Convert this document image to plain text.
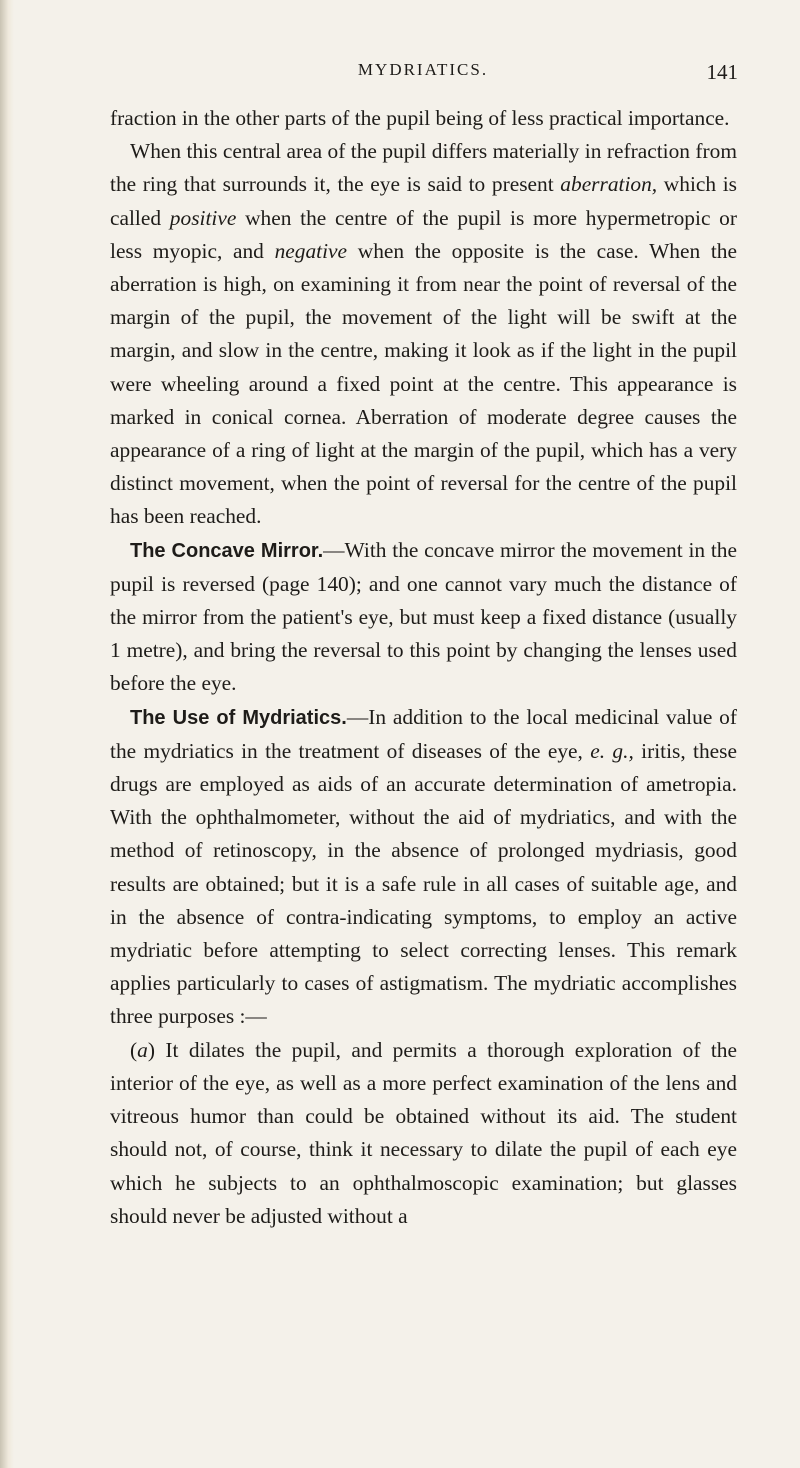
MYDRIATICS.	141

fraction in the other parts of the pupil being of less practical importance.

When this central area of the pupil differs materially in refraction from the ring that surrounds it, the eye is said to present aberration, which is called positive when the centre of the pupil is more hypermetropic or less myopic, and negative when the opposite is the case. When the aberration is high, on examining it from near the point of reversal of the margin of the pupil, the movement of the light will be swift at the margin, and slow in the centre, making it look as if the light in the pupil were wheeling around a fixed point at the centre. This appearance is marked in conical cornea. Aberration of moderate degree causes the appearance of a ring of light at the margin of the pupil, which has a very distinct movement, when the point of reversal for the centre of the pupil has been reached.

The Concave Mirror.—With the concave mirror the movement in the pupil is reversed (page 140); and one cannot vary much the distance of the mirror from the patient's eye, but must keep a fixed distance (usually 1 metre), and bring the reversal to this point by changing the lenses used before the eye.

The Use of Mydriatics.—In addition to the local medicinal value of the mydriatics in the treatment of diseases of the eye, e. g., iritis, these drugs are employed as aids of an accurate determination of ametropia. With the ophthalmometer, without the aid of mydriatics, and with the method of retinoscopy, in the absence of prolonged mydriasis, good results are obtained; but it is a safe rule in all cases of suitable age, and in the absence of contra-indicating symptoms, to employ an active mydriatic before attempting to select correcting lenses. This remark applies particularly to cases of astigmatism. The mydriatic accomplishes three purposes :—

(a) It dilates the pupil, and permits a thorough exploration of the interior of the eye, as well as a more perfect examination of the lens and vitreous humor than could be obtained without its aid. The student should not, of course, think it necessary to dilate the pupil of each eye which he subjects to an ophthalmoscopic examination; but glasses should never be adjusted without a
